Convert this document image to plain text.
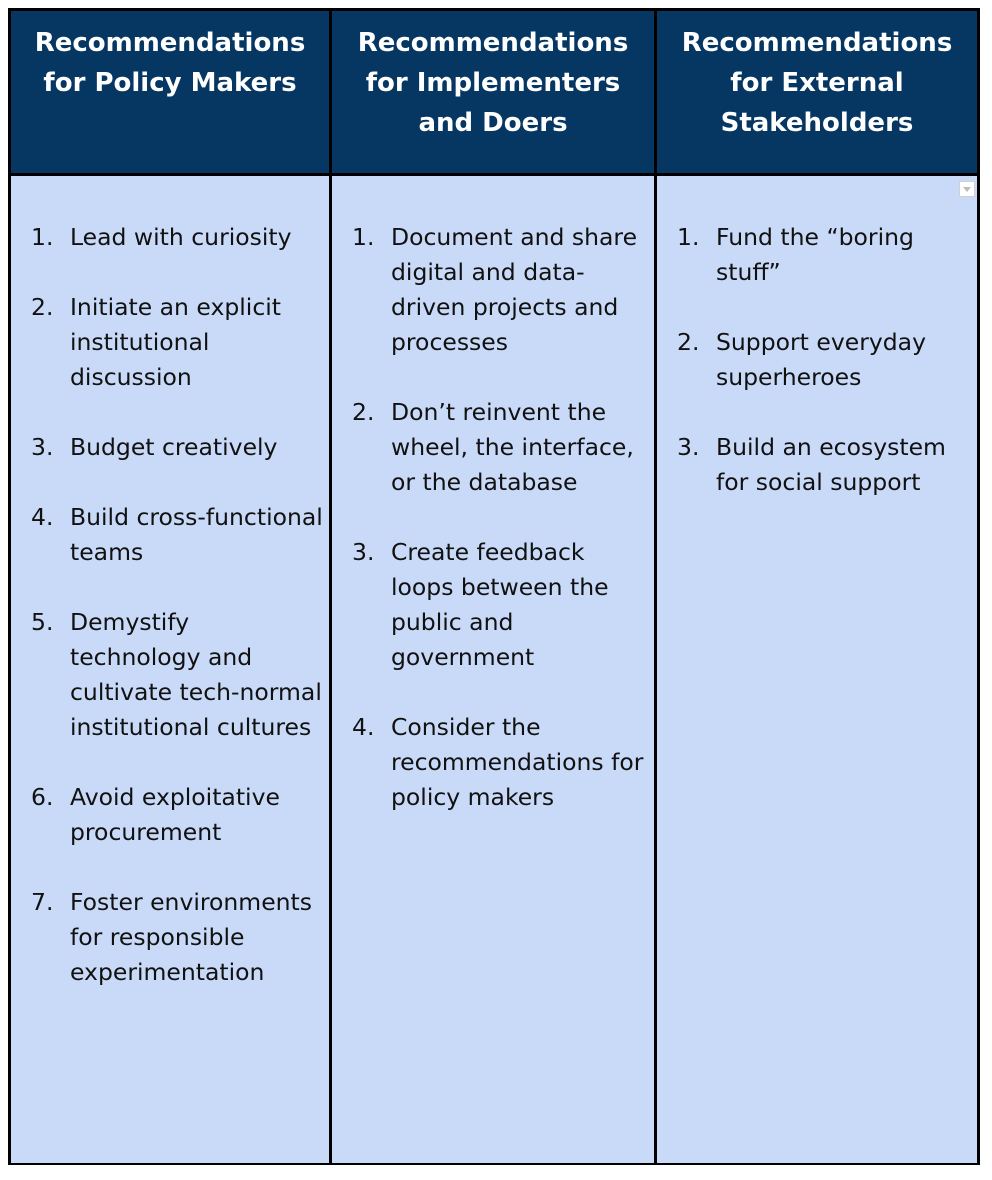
Recommendations for Policy Makers
Recommendations for Implementers and Doers
Recommendations for External Stakeholders
1. Lead with curiosity
2. Initiate an explicit institutional discussion
3. Budget creatively
4. Build cross-functional teams
5. Demystify technology and cultivate tech-normal institutional cultures
6. Avoid exploitative procurement
7. Foster environments for responsible experimentation
1. Document and share digital and data-driven projects and processes
2. Don’t reinvent the wheel, the interface, or the database
3. Create feedback loops between the public and government
4. Consider the recommendations for policy makers
1. Fund the “boring stuff”
2. Support everyday superheroes
3. Build an ecosystem for social support
